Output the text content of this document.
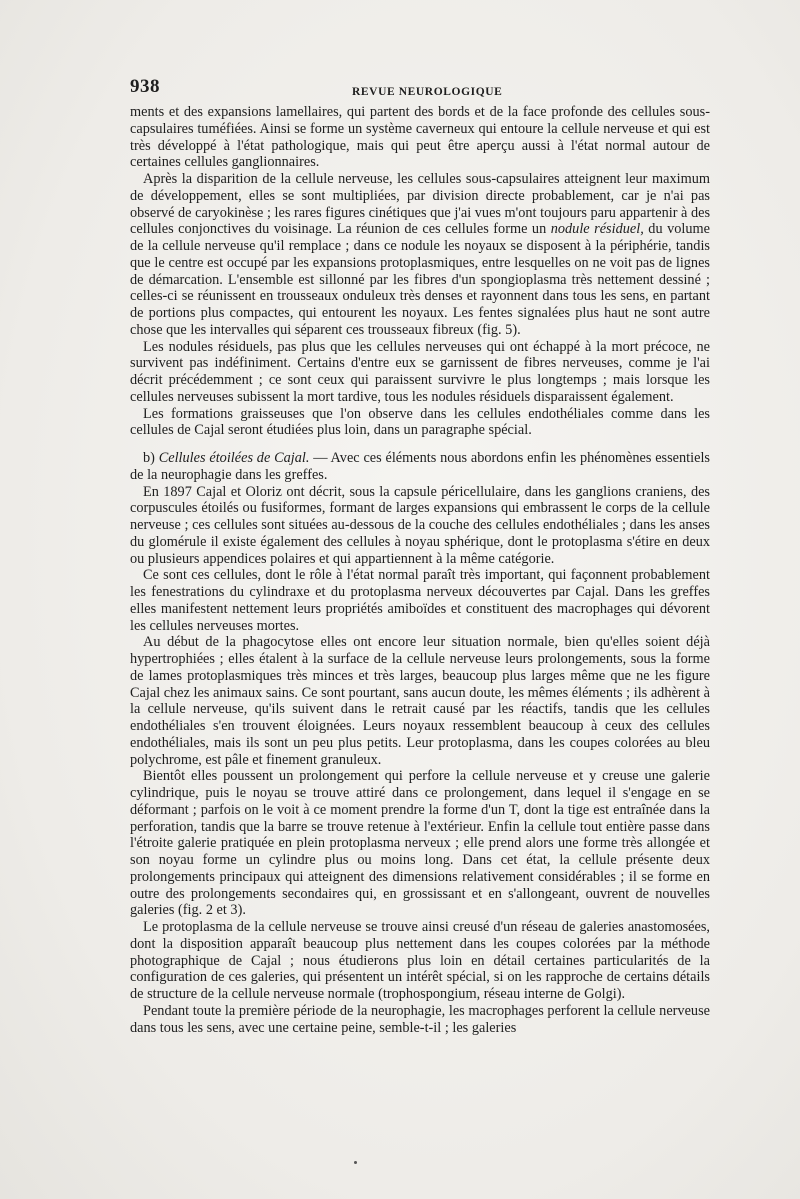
938	REVUE NEUROLOGIQUE

ments et des expansions lamellaires, qui partent des bords et de la face profonde des cellules sous-capsulaires tuméfiées. Ainsi se forme un système caverneux qui entoure la cellule nerveuse et qui est très développé à l'état pathologique, mais qui peut être aperçu aussi à l'état normal autour de certaines cellules ganglionnaires.

Après la disparition de la cellule nerveuse, les cellules sous-capsulaires atteignent leur maximum de développement, elles se sont multipliées, par division directe probablement, car je n'ai pas observé de caryokinèse ; les rares figures cinétiques que j'ai vues m'ont toujours paru appartenir à des cellules conjonctives du voisinage. La réunion de ces cellules forme un nodule résiduel, du volume de la cellule nerveuse qu'il remplace ; dans ce nodule les noyaux se disposent à la périphérie, tandis que le centre est occupé par les expansions protoplasmiques, entre lesquelles on ne voit pas de lignes de démarcation. L'ensemble est sillonné par les fibres d'un spongioplasma très nettement dessiné ; celles-ci se réunissent en trousseaux onduleux très denses et rayonnent dans tous les sens, en partant de portions plus compactes, qui entourent les noyaux. Les fentes signalées plus haut ne sont autre chose que les intervalles qui séparent ces trousseaux fibreux (fig. 5).

Les nodules résiduels, pas plus que les cellules nerveuses qui ont échappé à la mort précoce, ne survivent pas indéfiniment. Certains d'entre eux se garnissent de fibres nerveuses, comme je l'ai décrit précédemment ; ce sont ceux qui paraissent survivre le plus longtemps ; mais lorsque les cellules nerveuses subissent la mort tardive, tous les nodules résiduels disparaissent également.

Les formations graisseuses que l'on observe dans les cellules endothéliales comme dans les cellules de Cajal seront étudiées plus loin, dans un paragraphe spécial.

b) Cellules étoilées de Cajal. — Avec ces éléments nous abordons enfin les phénomènes essentiels de la neurophagie dans les greffes.

En 1897 Cajal et Oloriz ont décrit, sous la capsule péricellulaire, dans les ganglions craniens, des corpuscules étoilés ou fusiformes, formant de larges expansions qui embrassent le corps de la cellule nerveuse ; ces cellules sont situées au-dessous de la couche des cellules endothéliales ; dans les anses du glomérule il existe également des cellules à noyau sphérique, dont le protoplasma s'étire en deux ou plusieurs appendices polaires et qui appartiennent à la même catégorie.

Ce sont ces cellules, dont le rôle à l'état normal paraît très important, qui façonnent probablement les fenestrations du cylindraxe et du protoplasma nerveux découvertes par Cajal. Dans les greffes elles manifestent nettement leurs propriétés amiboïdes et constituent des macrophages qui dévorent les cellules nerveuses mortes.

Au début de la phagocytose elles ont encore leur situation normale, bien qu'elles soient déjà hypertrophiées ; elles étalent à la surface de la cellule nerveuse leurs prolongements, sous la forme de lames protoplasmiques très minces et très larges, beaucoup plus larges même que ne les figure Cajal chez les animaux sains. Ce sont pourtant, sans aucun doute, les mêmes éléments ; ils adhèrent à la cellule nerveuse, qu'ils suivent dans le retrait causé par les réactifs, tandis que les cellules endothéliales s'en trouvent éloignées. Leurs noyaux ressemblent beaucoup à ceux des cellules endothéliales, mais ils sont un peu plus petits. Leur protoplasma, dans les coupes colorées au bleu polychrome, est pâle et finement granuleux.

Bientôt elles poussent un prolongement qui perfore la cellule nerveuse et y creuse une galerie cylindrique, puis le noyau se trouve attiré dans ce prolongement, dans lequel il s'engage en se déformant ; parfois on le voit à ce moment prendre la forme d'un T, dont la tige est entraînée dans la perforation, tandis que la barre se trouve retenue à l'extérieur. Enfin la cellule tout entière passe dans l'étroite galerie pratiquée en plein protoplasma nerveux ; elle prend alors une forme très allongée et son noyau forme un cylindre plus ou moins long. Dans cet état, la cellule présente deux prolongements principaux qui atteignent des dimensions relativement considérables ; il se forme en outre des prolongements secondaires qui, en grossissant et en s'allongeant, ouvrent de nouvelles galeries (fig. 2 et 3).

Le protoplasma de la cellule nerveuse se trouve ainsi creusé d'un réseau de galeries anastomosées, dont la disposition apparaît beaucoup plus nettement dans les coupes colorées par la méthode photographique de Cajal ; nous étudierons plus loin en détail certaines particularités de la configuration de ces galeries, qui présentent un intérêt spécial, si on les rapproche de certains détails de structure de la cellule nerveuse normale (trophospongium, réseau interne de Golgi).

Pendant toute la première période de la neurophagie, les macrophages perforent la cellule nerveuse dans tous les sens, avec une certaine peine, semble-t-il ; les galeries
